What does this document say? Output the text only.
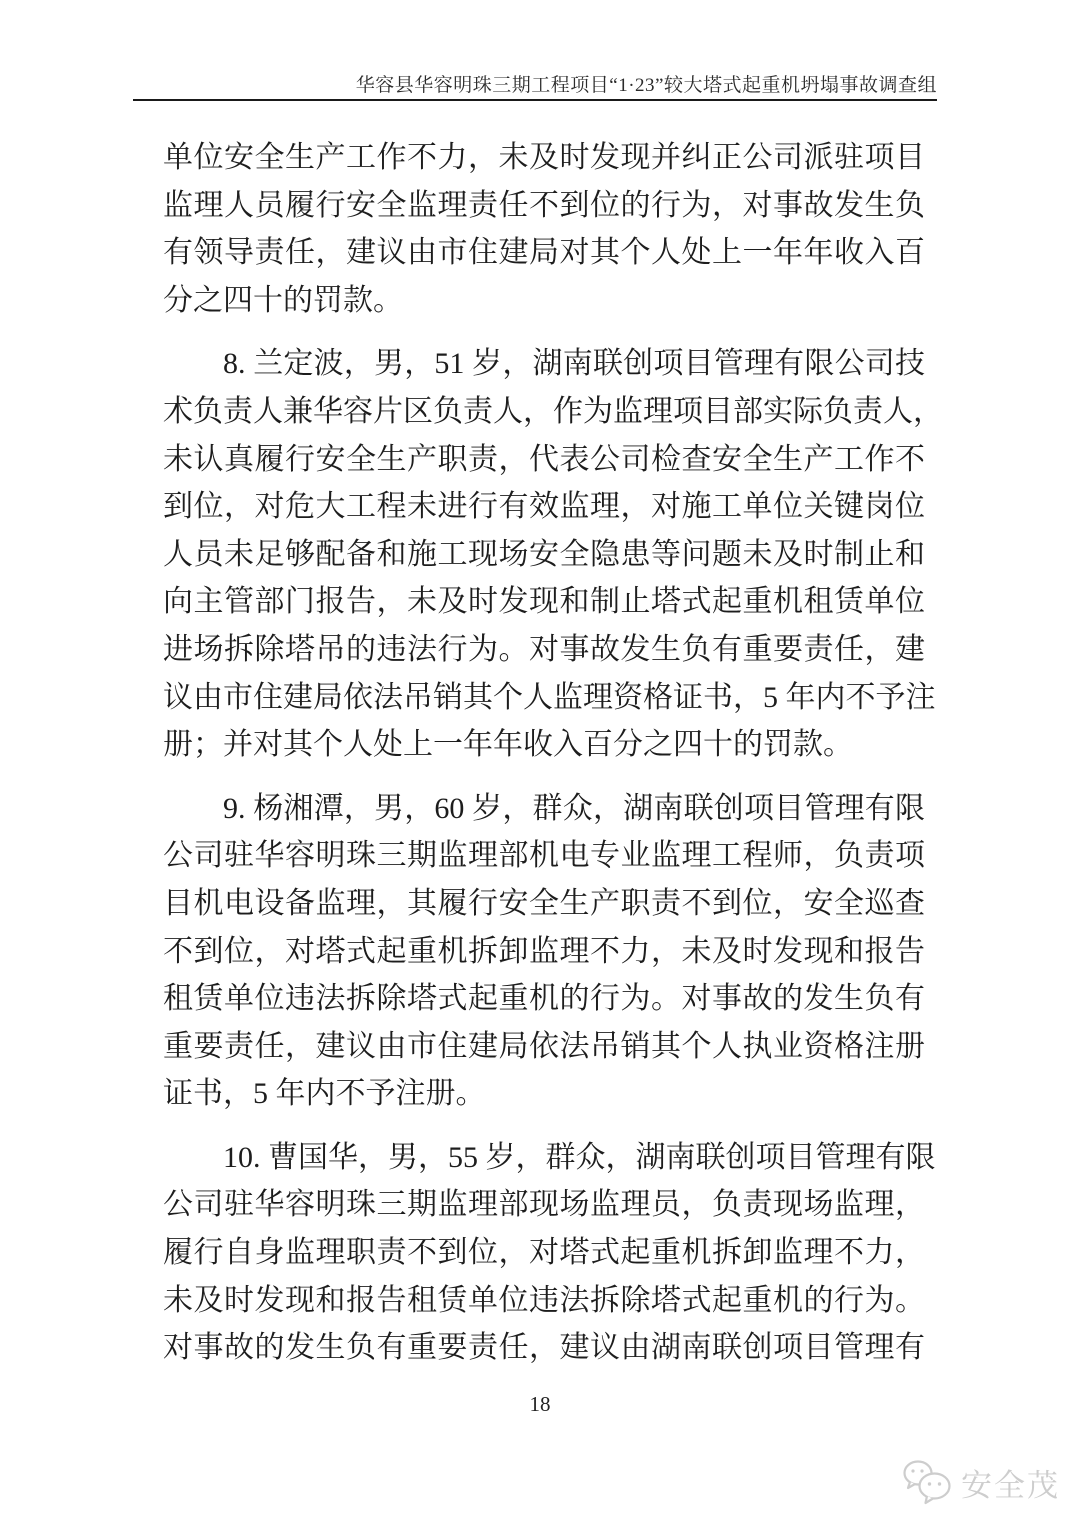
华容县华容明珠三期工程项目“1·23”较大塔式起重机坍塌事故调查组
单位安全生产工作不力，未及时发现并纠正公司派驻项目
监理人员履行安全监理责任不到位的行为，对事故发生负
有领导责任，建议由市住建局对其个人处上一年年收入百
分之四十的罚款。
8. 兰定波，男，51 岁，湖南联创项目管理有限公司技
术负责人兼华容片区负责人，作为监理项目部实际负责人，
未认真履行安全生产职责，代表公司检查安全生产工作不
到位，对危大工程未进行有效监理，对施工单位关键岗位
人员未足够配备和施工现场安全隐患等问题未及时制止和
向主管部门报告，未及时发现和制止塔式起重机租赁单位
进场拆除塔吊的违法行为。对事故发生负有重要责任，建
议由市住建局依法吊销其个人监理资格证书，5 年内不予注
册；并对其个人处上一年年收入百分之四十的罚款。
9. 杨湘潭，男，60 岁，群众，湖南联创项目管理有限
公司驻华容明珠三期监理部机电专业监理工程师，负责项
目机电设备监理，其履行安全生产职责不到位，安全巡查
不到位，对塔式起重机拆卸监理不力，未及时发现和报告
租赁单位违法拆除塔式起重机的行为。对事故的发生负有
重要责任，建议由市住建局依法吊销其个人执业资格注册
证书，5 年内不予注册。
10. 曹国华，男，55 岁，群众，湖南联创项目管理有限
公司驻华容明珠三期监理部现场监理员，负责现场监理，
履行自身监理职责不到位，对塔式起重机拆卸监理不力，
未及时发现和报告租赁单位违法拆除塔式起重机的行为。
对事故的发生负有重要责任，建议由湖南联创项目管理有
18
安全茂
